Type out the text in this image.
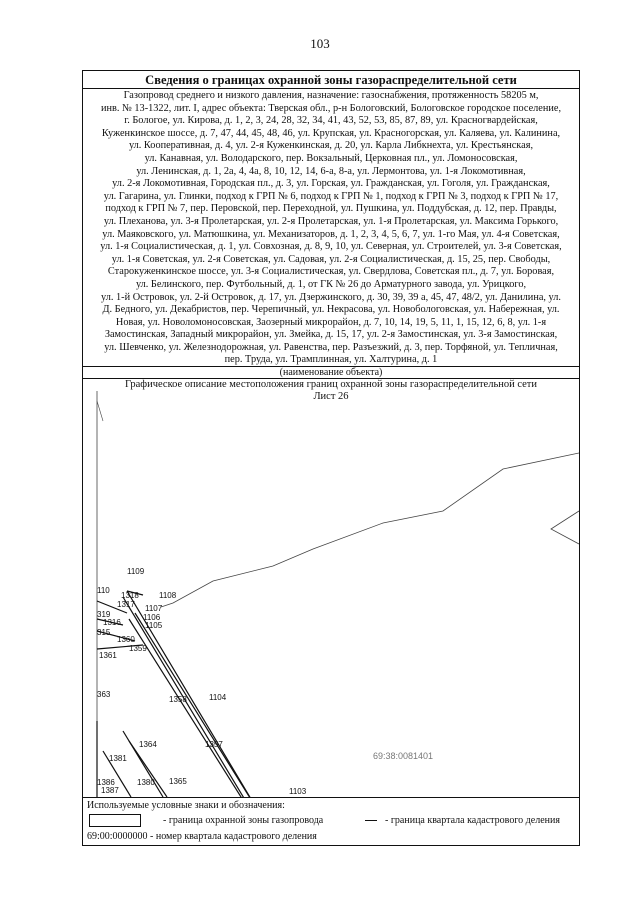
103
Сведения о границах охранной зоны газораспределительной сети
Газопровод среднего и низкого давления, назначение: газоснабжения, протяженность 58205 м,
инв. № 13-1322, лит. I, адрес объекта: Тверская обл., р-н Бологовский, Бологовское городское поселение,
г. Бологое, ул. Кирова, д. 1, 2, 3, 24, 28, 32, 34, 41, 43, 52, 53, 85, 87, 89, ул. Красногвардейская,
Куженкинское шоссе, д. 7, 47, 44, 45, 48, 46, ул. Крупская, ул. Красногорская, ул. Каляева, ул. Калинина,
ул. Кооперативная, д. 4, ул. 2-я Куженкинская, д. 20, ул. Карла Либкнехта, ул. Крестьянская,
ул. Канавная, ул. Володарского, пер. Вокзальный, Церковная пл., ул. Ломоносовская,
ул. Ленинская, д. 1, 2а, 4, 4а, 8, 10, 12, 14, 6-а, 8-а, ул. Лермонтова, ул. 1-я Локомотивная,
ул. 2-я Локомотивная, Городская пл., д. 3, ул. Горская, ул. Гражданская, ул. Гоголя, ул. Гражданская,
ул. Гагарина, ул. Глинки, подход к ГРП № 6, подход к ГРП № 1, подход к ГРП № 3, подход к ГРП № 17,
подход к ГРП № 7, пер. Перовской, пер. Переходной, ул. Пушкина, ул. Поддубская, д. 12, пер. Правды,
ул. Плеханова, ул. 3-я Пролетарская, ул. 2-я Пролетарская, ул. 1-я Пролетарская, ул. Максима Горького,
ул. Маяковского, ул. Матюшкина, ул. Механизаторов, д. 1, 2, 3, 4, 5, 6, 7, ул. 1-го Мая, ул. 4-я Советская,
ул. 1-я Социалистическая, д. 1, ул. Совхозная, д. 8, 9, 10, ул. Северная, ул. Строителей, ул. 3-я Советская,
ул. 1-я Советская, ул. 2-я Советская, ул. Садовая, ул. 2-я Социалистическая, д. 15, 25, пер. Свободы,
Старокуженкинское шоссе, ул. 3-я Социалистическая, ул. Свердлова, Советская пл., д. 7, ул. Боровая,
ул. Белинского, пер. Футбольный, д. 1, от ГК № 26 до Арматурного завода, ул. Урицкого,
ул. 1-й Островок, ул. 2-й Островок, д. 17, ул. Дзержинского, д. 30, 39, 39 а, 45, 47, 48/2, ул. Данилина, ул.
Д. Бедного, ул. Декабристов, пер. Черепичный, ул. Некрасова, ул. Новобологовская, ул. Набережная, ул.
Новая, ул. Новоломоносовская, Заозерный микрорайон, д. 7, 10, 14, 19, 5, 11, 1, 15, 12, 6, 8, ул. 1-я
Замостинская, Западный микрорайон, ул. Змейка, д. 15, 17, ул. 2-я Замостинская, ул. 3-я Замостинская,
ул. Шевченко, ул. Железнодорожная, ул. Равенства, пер. Разъезжий, д. 3, пер. Торфяной, ул. Тепличная,
пер. Труда, ул. Трамплинная, ул. Халтурина, д. 1
(наименование объекта)
Графическое описание местоположения границ охранной зоны газораспределительной сети
Лист 26
69:38:0081401
1109
110
1318	1108
1317 1107
319
1316
1106
1105
315
1360
1359
1361
363
1358	1104
1357
1364
1381
1386	1380 1365
1387	1103
Используемые условные знаки и обозначения:
- граница охранной зоны газопровода	- граница квартала кадастрового деления
69:00:0000000 - номер квартала кадастрового деления
